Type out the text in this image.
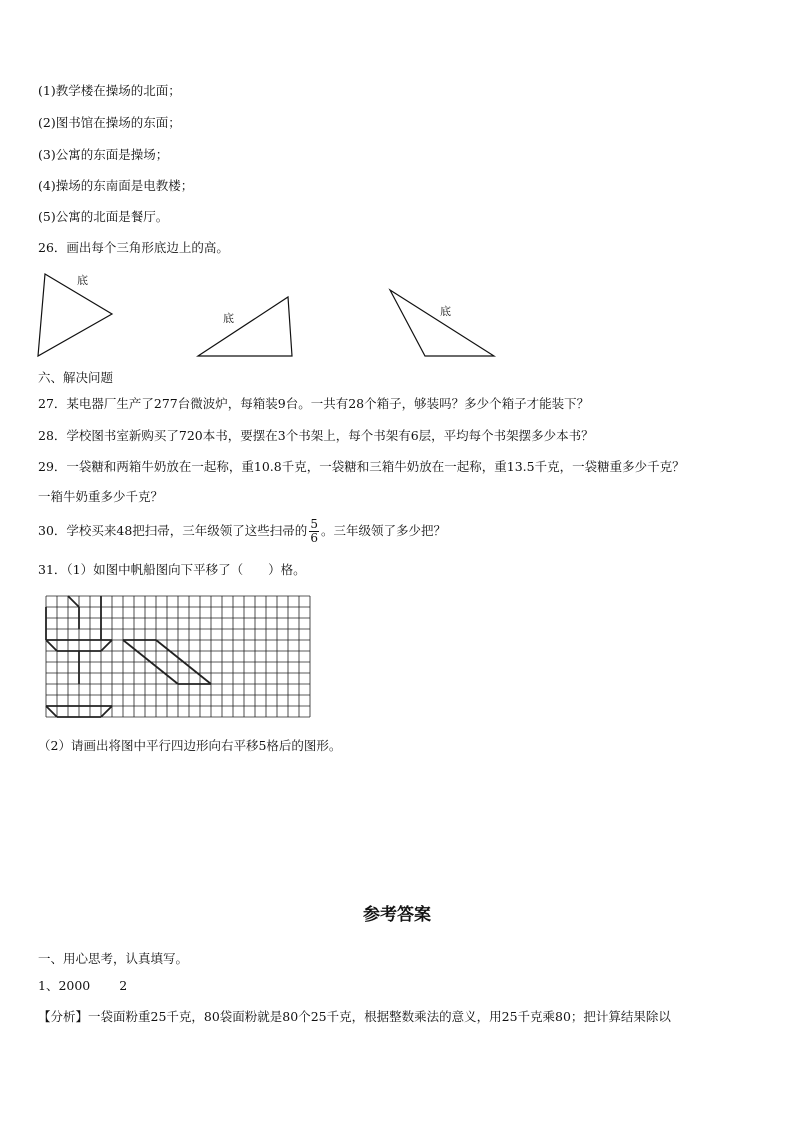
(1)教学楼在操场的北面；
(2)图书馆在操场的东面；
(3)公寓的东面是操场；
(4)操场的东南面是电教楼；
(5)公寓的北面是餐厅。
26．画出每个三角形底边上的高。
底
底
底
六、解决问题
27．某电器厂生产了277台微波炉，每箱装9台。一共有28个箱子，够装吗？多少个箱子才能装下？
28．学校图书室新购买了720本书，要摆在3个书架上，每个书架有6层，平均每个书架摆多少本书？
29．一袋糖和两箱牛奶放在一起称，重10.8千克，一袋糖和三箱牛奶放在一起称，重13.5千克，一袋糖重多少千克？
一箱牛奶重多少千克？
30．学校买来48把扫帚，三年级领了这些扫帚的 $\frac{5}{6}$ 。三年级领了多少把？
31．（1）如图中帆船图向下平移了（　　）格。
（2）请画出将图中平行四边形向右平移5格后的图形。
参考答案
一、用心思考，认真填写。
1、2000　　 2
【分析】一袋面粉重25千克，80袋面粉就是80个25千克，根据整数乘法的意义，用25千克乘80；把计算结果除以
